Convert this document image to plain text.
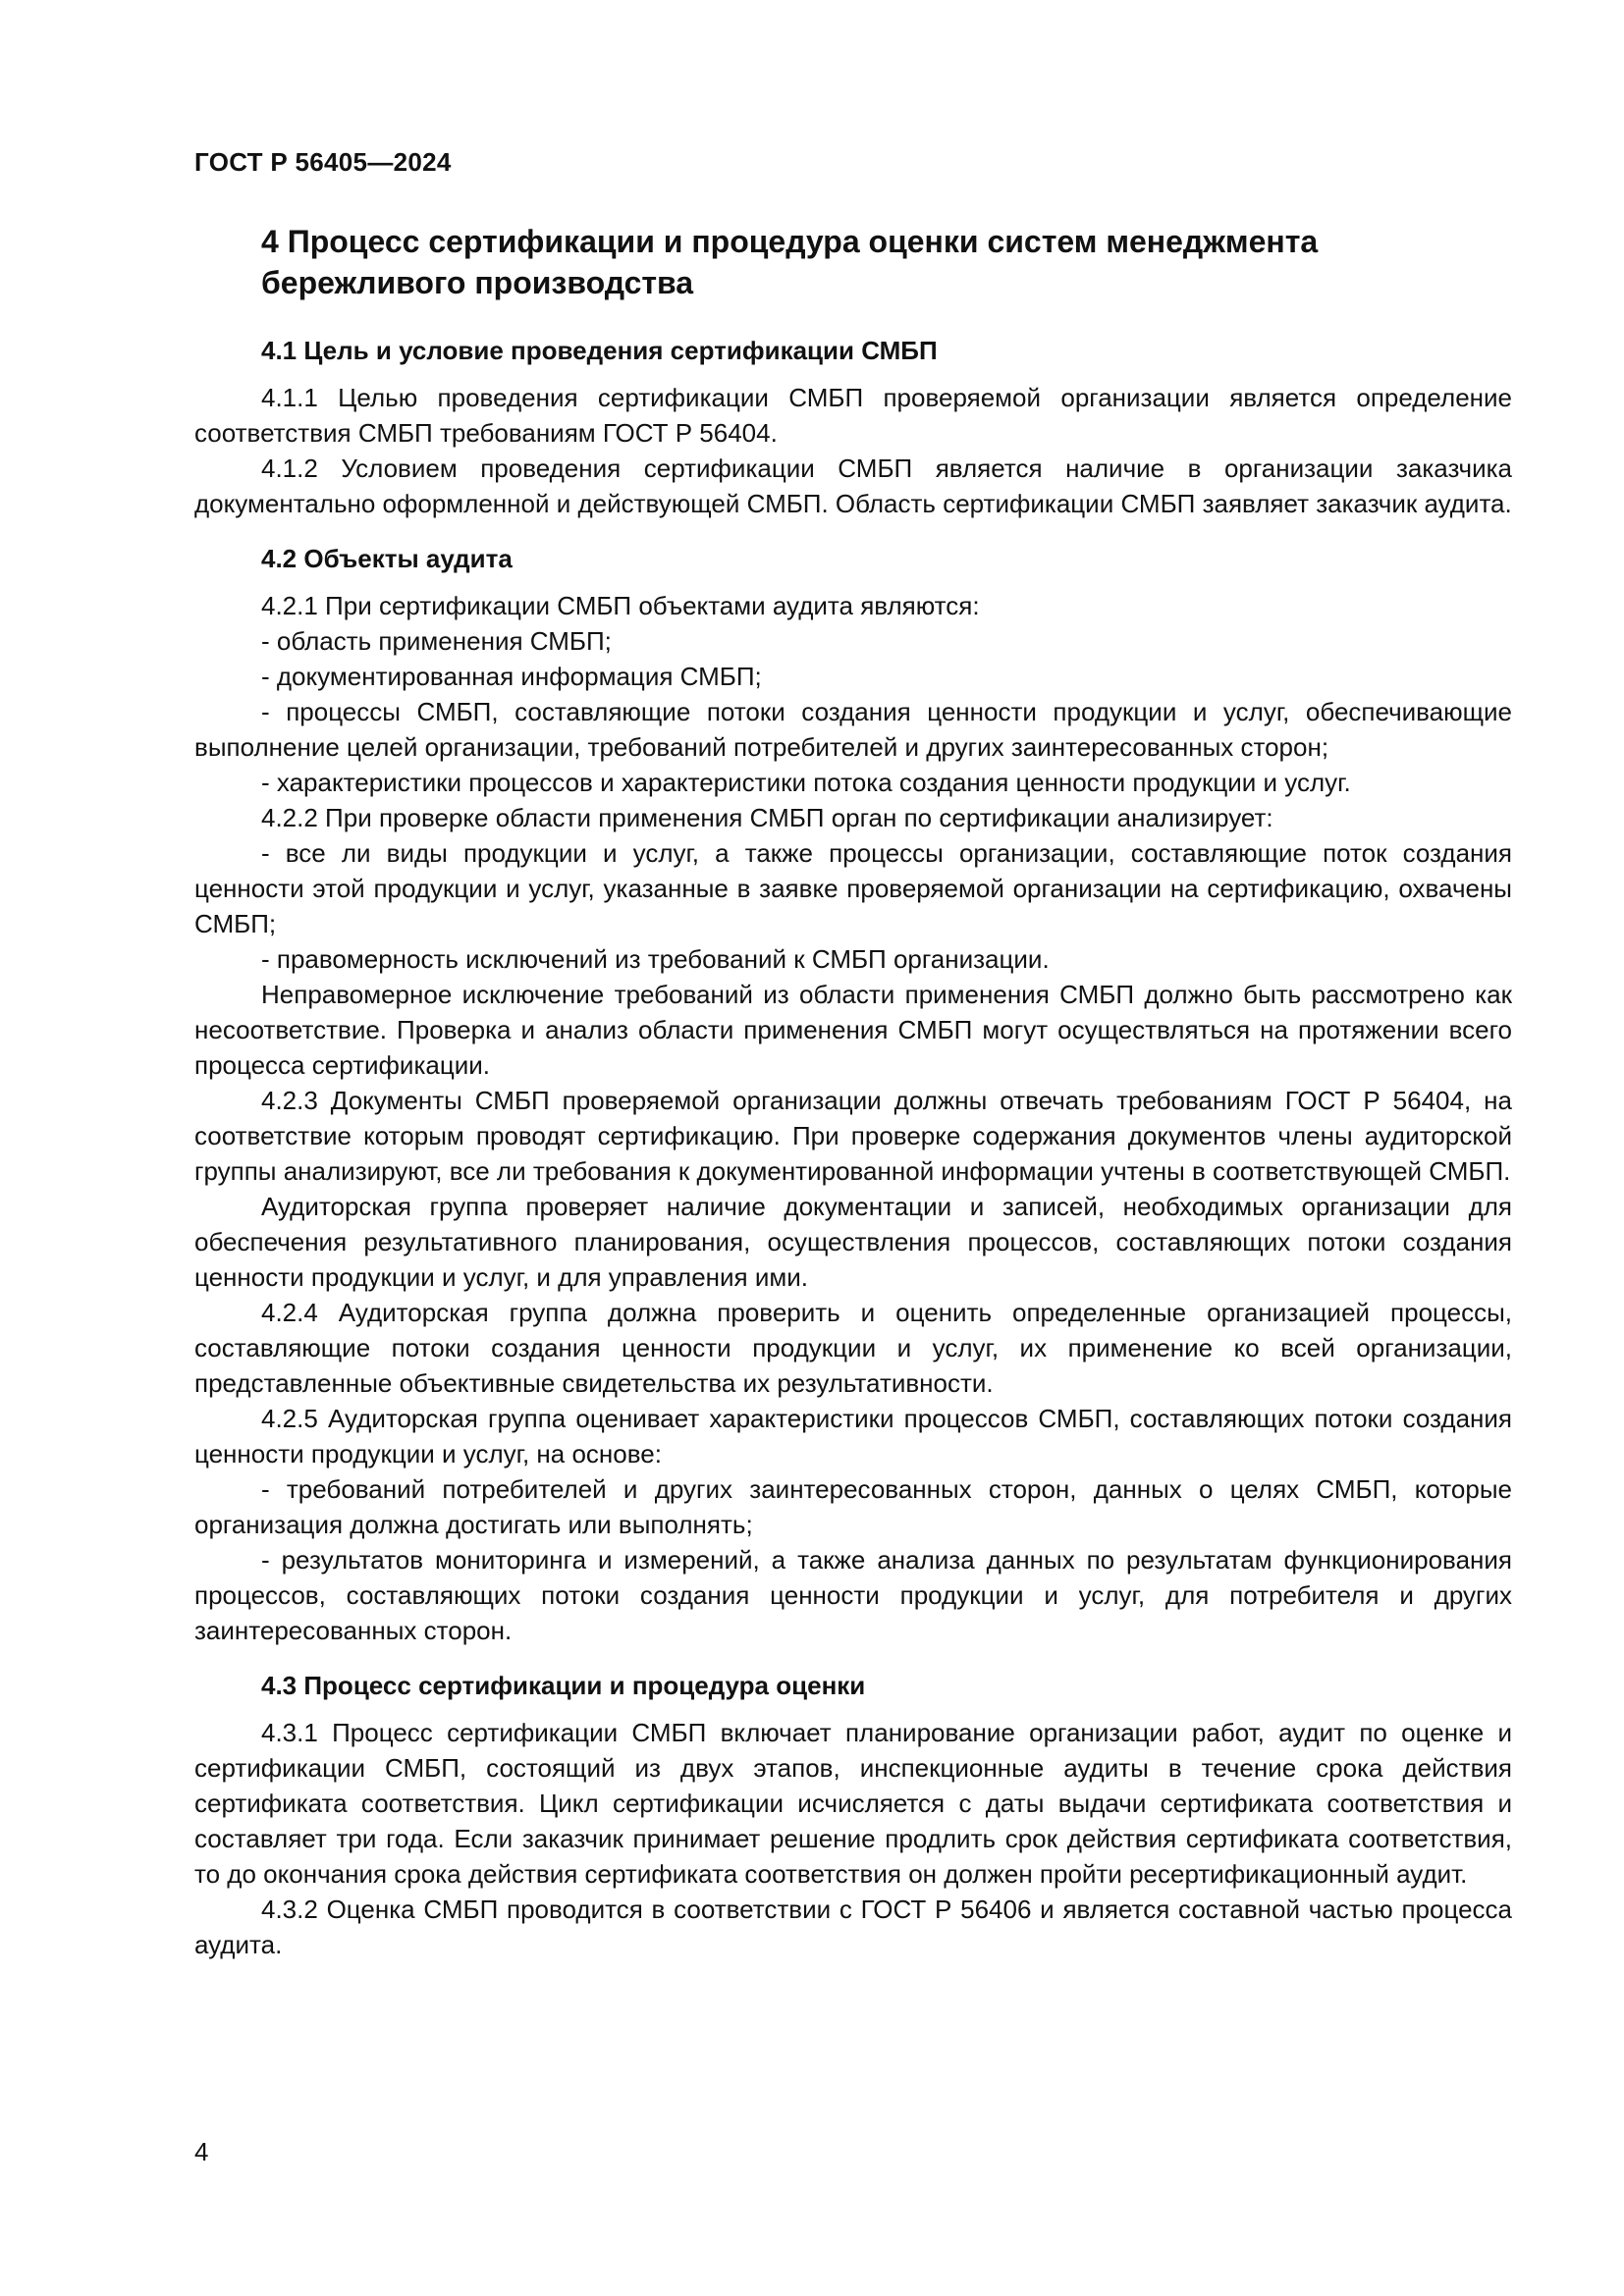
ГОСТ Р 56405—2024
4 Процесс сертификации и процедура оценки систем менеджмента
бережливого производства
4.1 Цель и условие проведения сертификации СМБП

4.1.1 Целью проведения сертификации СМБП проверяемой организации является определение соответствия СМБП требованиям ГОСТ Р 56404.

4.1.2 Условием проведения сертификации СМБП является наличие в организации заказчика документально оформленной и действующей СМБП. Область сертификации СМБП заявляет заказчик аудита.

4.2 Объекты аудита

4.2.1 При сертификации СМБП объектами аудита являются:

- область применения СМБП;

- документированная информация СМБП;

- процессы СМБП, составляющие потоки создания ценности продукции и услуг, обеспечивающие выполнение целей организации, требований потребителей и других заинтересованных сторон;

- характеристики процессов и характеристики потока создания ценности продукции и услуг.

4.2.2 При проверке области применения СМБП орган по сертификации анализирует:

- все ли виды продукции и услуг, а также процессы организации, составляющие поток создания ценности этой продукции и услуг, указанные в заявке проверяемой организации на сертификацию, охвачены СМБП;

- правомерность исключений из требований к СМБП организации.

Неправомерное исключение требований из области применения СМБП должно быть рассмотрено как несоответствие. Проверка и анализ области применения СМБП могут осуществляться на протяжении всего процесса сертификации.

4.2.3 Документы СМБП проверяемой организации должны отвечать требованиям ГОСТ Р 56404, на соответствие которым проводят сертификацию. При проверке содержания документов члены аудиторской группы анализируют, все ли требования к документированной информации учтены в соответствующей СМБП.

Аудиторская группа проверяет наличие документации и записей, необходимых организации для обеспечения результативного планирования, осуществления процессов, составляющих потоки создания ценности продукции и услуг, и для управления ими.

4.2.4 Аудиторская группа должна проверить и оценить определенные организацией процессы, составляющие потоки создания ценности продукции и услуг, их применение ко всей организации, представленные объективные свидетельства их результативности.

4.2.5 Аудиторская группа оценивает характеристики процессов СМБП, составляющих потоки создания ценности продукции и услуг, на основе:

- требований потребителей и других заинтересованных сторон, данных о целях СМБП, которые организация должна достигать или выполнять;

- результатов мониторинга и измерений, а также анализа данных по результатам функционирования процессов, составляющих потоки создания ценности продукции и услуг, для потребителя и других заинтересованных сторон.

4.3 Процесс сертификации и процедура оценки

4.3.1 Процесс сертификации СМБП включает планирование организации работ, аудит по оценке и сертификации СМБП, состоящий из двух этапов, инспекционные аудиты в течение срока действия сертификата соответствия. Цикл сертификации исчисляется с даты выдачи сертификата соответствия и составляет три года. Если заказчик принимает решение продлить срок действия сертификата соответствия, то до окончания срока действия сертификата соответствия он должен пройти ресертификационный аудит.

4.3.2 Оценка СМБП проводится в соответствии с ГОСТ Р 56406 и является составной частью процесса аудита.

4
